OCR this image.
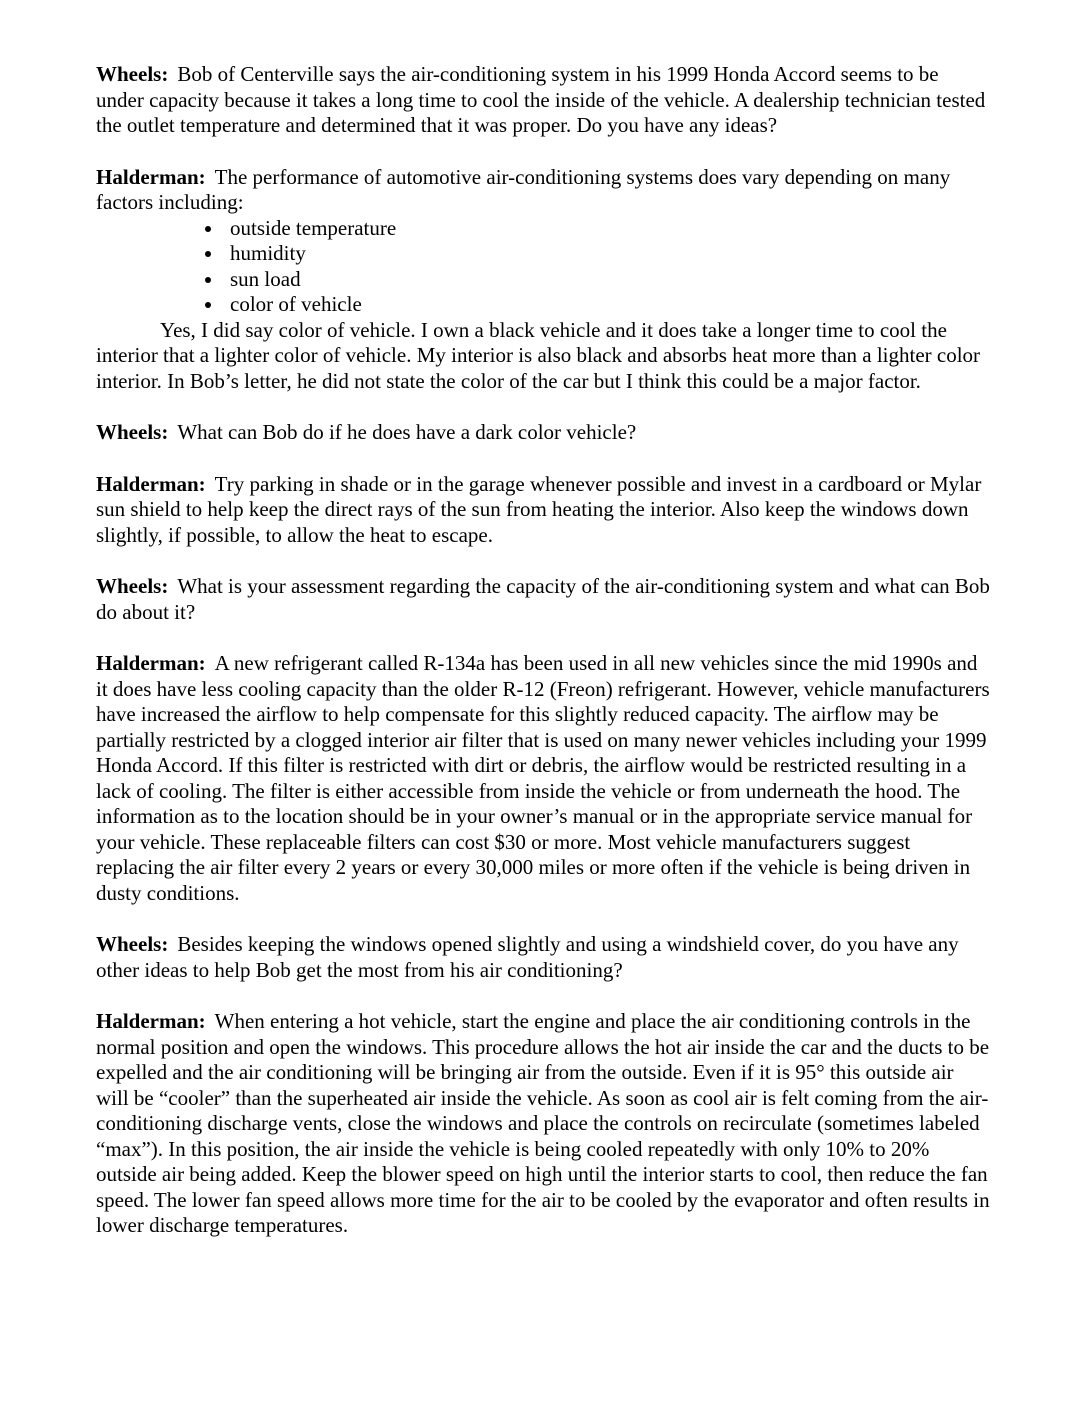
Wheels: Bob of Centerville says the air-conditioning system in his 1999 Honda Accord seems to be under capacity because it takes a long time to cool the inside of the vehicle. A dealership technician tested the outlet temperature and determined that it was proper. Do you have any ideas?

Halderman: The performance of automotive air-conditioning systems does vary depending on many factors including:

• outside temperature
• humidity
• sun load
• color of vehicle

Yes, I did say color of vehicle. I own a black vehicle and it does take a longer time to cool the interior that a lighter color of vehicle. My interior is also black and absorbs heat more than a lighter color interior. In Bob’s letter, he did not state the color of the car but I think this could be a major factor.

Wheels: What can Bob do if he does have a dark color vehicle?

Halderman: Try parking in shade or in the garage whenever possible and invest in a cardboard or Mylar sun shield to help keep the direct rays of the sun from heating the interior. Also keep the windows down slightly, if possible, to allow the heat to escape.

Wheels: What is your assessment regarding the capacity of the air-conditioning system and what can Bob do about it?

Halderman: A new refrigerant called R-134a has been used in all new vehicles since the mid 1990s and it does have less cooling capacity than the older R-12 (Freon) refrigerant. However, vehicle manufacturers have increased the airflow to help compensate for this slightly reduced capacity. The airflow may be partially restricted by a clogged interior air filter that is used on many newer vehicles including your 1999 Honda Accord. If this filter is restricted with dirt or debris, the airflow would be restricted resulting in a lack of cooling. The filter is either accessible from inside the vehicle or from underneath the hood. The information as to the location should be in your owner’s manual or in the appropriate service manual for your vehicle. These replaceable filters can cost $30 or more. Most vehicle manufacturers suggest replacing the air filter every 2 years or every 30,000 miles or more often if the vehicle is being driven in dusty conditions.

Wheels: Besides keeping the windows opened slightly and using a windshield cover, do you have any other ideas to help Bob get the most from his air conditioning?

Halderman: When entering a hot vehicle, start the engine and place the air conditioning controls in the normal position and open the windows. This procedure allows the hot air inside the car and the ducts to be expelled and the air conditioning will be bringing air from the outside. Even if it is 95° this outside air will be “cooler” than the superheated air inside the vehicle. As soon as cool air is felt coming from the air-conditioning discharge vents, close the windows and place the controls on recirculate (sometimes labeled “max”). In this position, the air inside the vehicle is being cooled repeatedly with only 10% to 20% outside air being added. Keep the blower speed on high until the interior starts to cool, then reduce the fan speed. The lower fan speed allows more time for the air to be cooled by the evaporator and often results in lower discharge temperatures.
